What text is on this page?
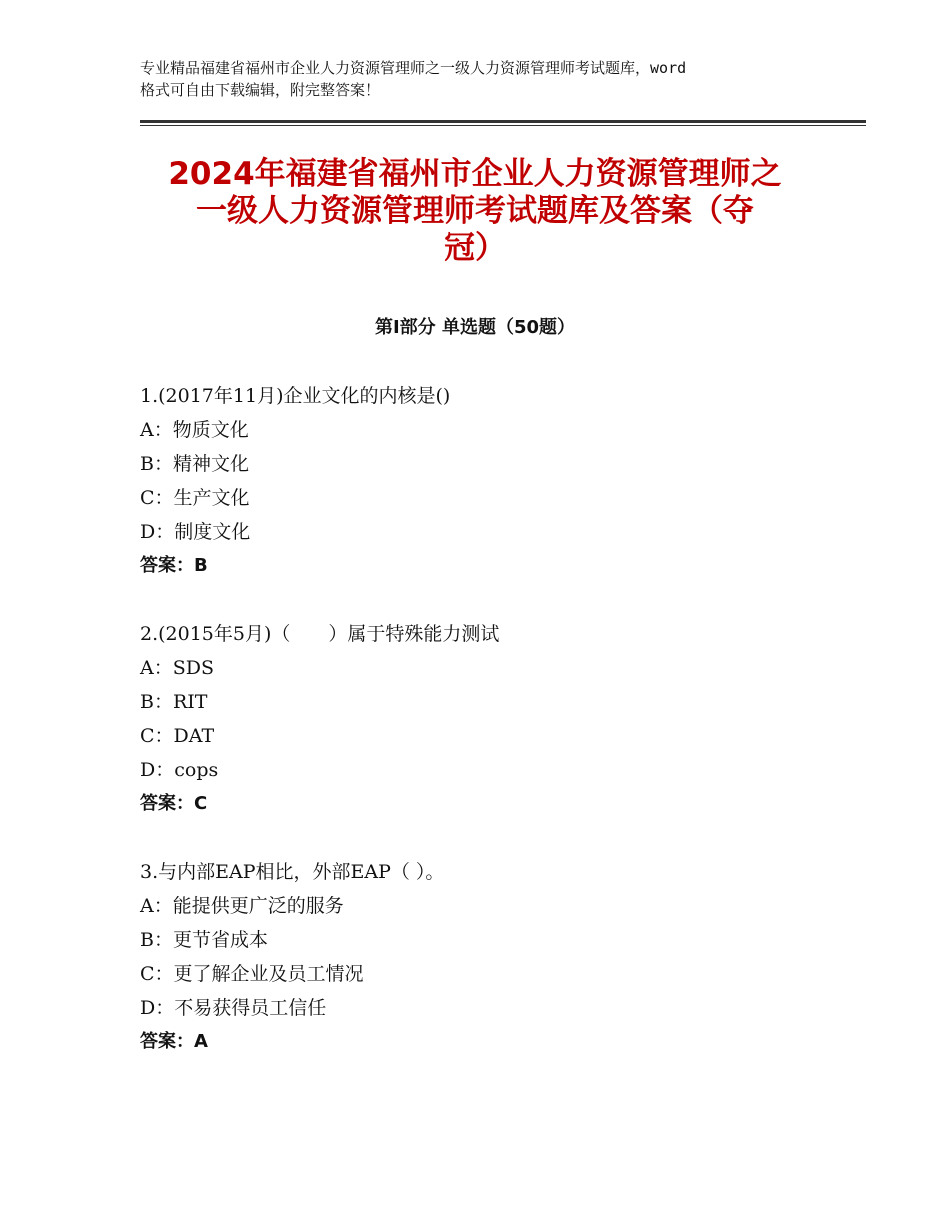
专业精品福建省福州市企业人力资源管理师之一级人力资源管理师考试题库，word
格式可自由下载编辑，附完整答案！
2024年福建省福州市企业人力资源管理师之
一级人力资源管理师考试题库及答案（夺
冠）
第Ⅰ部分 单选题（50题）
1.(2017年11月)企业文化的内核是()
A：物质文化
B：精神文化
C：生产文化
D：制度文化
答案：B
2.(2015年5月)（　　）属于特殊能力测试
A：SDS
B：RIT
C：DAT
D：cops
答案：C
3.与内部EAP相比，外部EAP（ ）。
A：能提供更广泛的服务
B：更节省成本
C：更了解企业及员工情况
D：不易获得员工信任
答案：A
